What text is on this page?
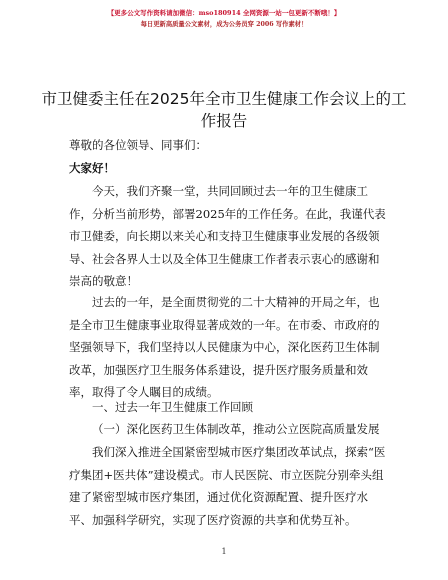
【更多公文写作资料请加微信：mso180914 全网资源一站一包更新不断哦！】
每日更新高质量公文素材，成为公务员穿 2006 写作素材！
市卫健委主任在2025年全市卫生健康工作会议上的工作报告

尊敬的各位领导、同事们：

大家好！

今天，我们齐聚一堂，共同回顾过去一年的卫生健康工作，分析当前形势，部署2025年的工作任务。在此，我谨代表市卫健委，向长期以来关心和支持卫生健康事业发展的各级领导、社会各界人士以及全体卫生健康工作者表示衷心的感谢和崇高的敬意！

过去的一年，是全面贯彻党的二十大精神的开局之年，也是全市卫生健康事业取得显著成效的一年。在市委、市政府的坚强领导下，我们坚持以人民健康为中心，深化医药卫生体制改革，加强医疗卫生服务体系建设，提升医疗服务质量和效率，取得了令人瞩目的成绩。

一、过去一年卫生健康工作回顾

（一）深化医药卫生体制改革，推动公立医院高质量发展

我们深入推进全国紧密型城市医疗集团改革试点，探索“医疗集团+医共体”建设模式。市人民医院、市立医院分别牵头组建了紧密型城市医疗集团，通过优化资源配置、提升医疗水平、加强科学研究，实现了医疗资源的共享和优势互补。

1
